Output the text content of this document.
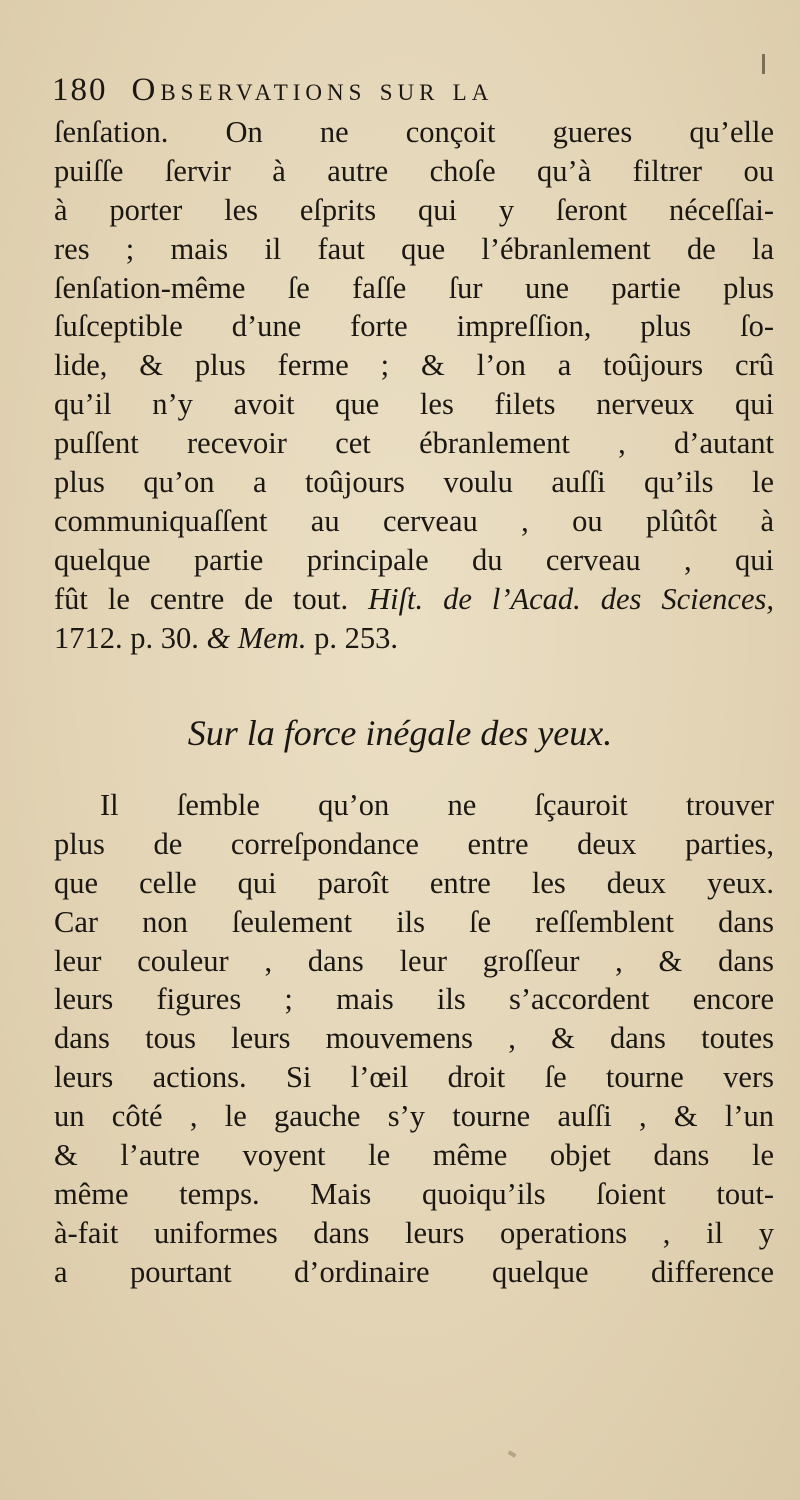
180 Observations sur la
ſenſation. On ne conçoit gueres qu’elle
puiſſe ſervir à autre choſe qu’à filtrer ou
à porter les eſprits qui y ſeront néceſſai-
res ; mais il faut que l’ébranlement de la
ſenſation-même ſe faſſe ſur une partie plus
ſuſceptible d’une forte impreſſion, plus ſo-
lide, & plus ferme ; & l’on a toûjours crû
qu’il n’y avoit que les filets nerveux qui
puſſent recevoir cet ébranlement , d’autant
plus qu’on a toûjours voulu auſſi qu’ils le
communiquaſſent au cerveau , ou plûtôt à
quelque partie principale du cerveau , qui
fût le centre de tout. Hiſt. de l’Acad. des Sciences,
1712. p. 30. & Mem. p. 253.
Sur la force inégale des yeux.
Il ſemble qu’on ne ſçauroit trouver
plus de correſpondance entre deux parties,
que celle qui paroît entre les deux yeux.
Car non ſeulement ils ſe reſſemblent dans
leur couleur , dans leur groſſeur , & dans
leurs figures ; mais ils s’accordent encore
dans tous leurs mouvemens , & dans toutes
leurs actions. Si l’œil droit ſe tourne vers
un côté , le gauche s’y tourne auſſi , & l’un
& l’autre voyent le même objet dans le
même temps. Mais quoiqu’ils ſoient tout-
à-fait uniformes dans leurs operations , il y
a pourtant d’ordinaire quelque difference
